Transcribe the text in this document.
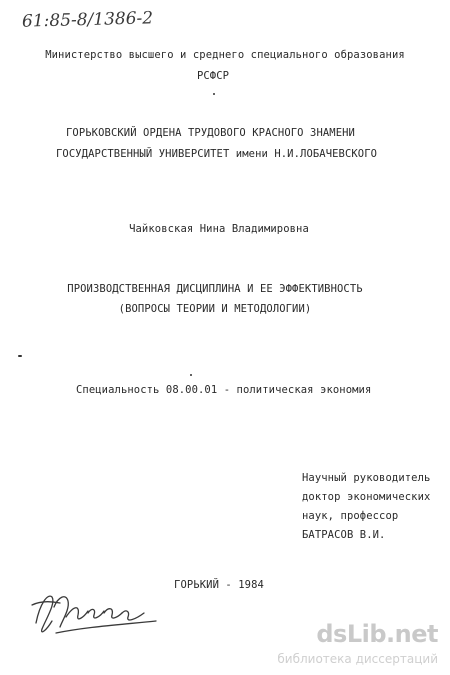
61:85-8/1386-2
Министерство высшего и среднего специального образования
РСФСР
ГОРЬКОВСКИЙ ОРДЕНА ТРУДОВОГО КРАСНОГО ЗНАМЕНИ
ГОСУДАРСТВЕННЫЙ УНИВЕРСИТЕТ имени Н.И.ЛОБАЧЕВСКОГО
Чайковская Нина Владимировна
ПРОИЗВОДСТВЕННАЯ ДИСЦИПЛИНА И ЕЕ ЭФФЕКТИВНОСТЬ
(ВОПРОСЫ ТЕОРИИ И МЕТОДОЛОГИИ)
Специальность 08.00.01 - политическая экономия
Научный руководитель
доктор экономических
наук, профессор
БАТРАСОВ В.И.
ГОРЬКИЙ - 1984
dsLib.net
библиотека диссертаций
